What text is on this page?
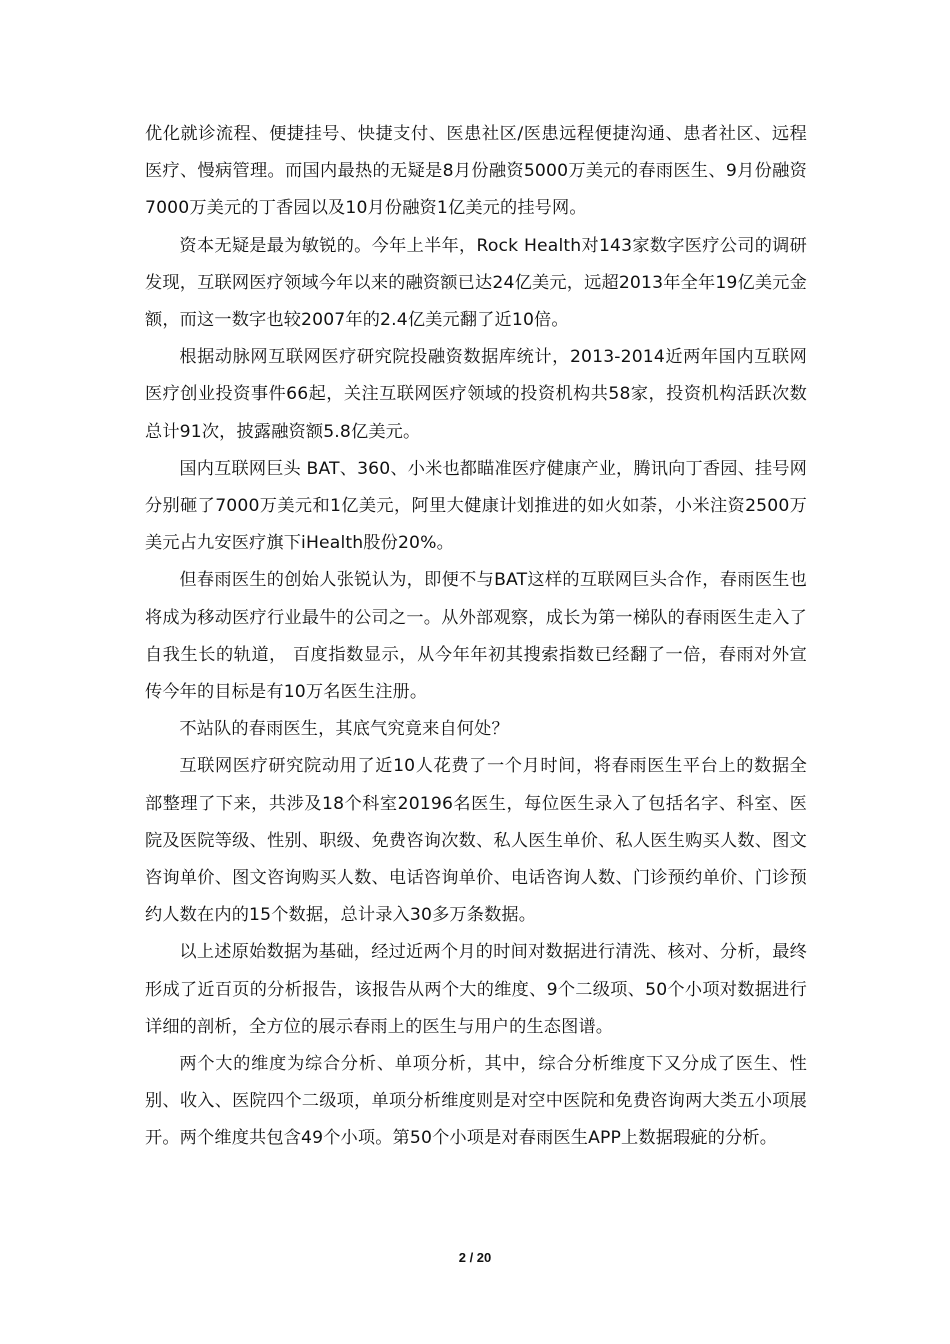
优化就诊流程、便捷挂号、快捷支付、医患社区/医患远程便捷沟通、患者社区、远程医疗、慢病管理。而国内最热的无疑是8月份融资5000万美元的春雨医生、9月份融资7000万美元的丁香园以及10月份融资1亿美元的挂号网。

资本无疑是最为敏锐的。今年上半年，Rock Health对143家数字医疗公司的调研发现，互联网医疗领域今年以来的融资额已达24亿美元，远超2013年全年19亿美元金额，而这一数字也较2007年的2.4亿美元翻了近10倍。

根据动脉网互联网医疗研究院投融资数据库统计，2013-2014近两年国内互联网医疗创业投资事件66起，关注互联网医疗领域的投资机构共58家，投资机构活跃次数总计91次，披露融资额5.8亿美元。

国内互联网巨头 BAT、360、小米也都瞄准医疗健康产业，腾讯向丁香园、挂号网分别砸了7000万美元和1亿美元，阿里大健康计划推进的如火如荼，小米注资2500万美元占九安医疗旗下iHealth股份20%。

但春雨医生的创始人张锐认为，即便不与BAT这样的互联网巨头合作，春雨医生也将成为移动医疗行业最牛的公司之一。从外部观察，成长为第一梯队的春雨医生走入了自我生长的轨道， 百度指数显示，从今年年初其搜索指数已经翻了一倍，春雨对外宣传今年的目标是有10万名医生注册。

不站队的春雨医生，其底气究竟来自何处？

互联网医疗研究院动用了近10人花费了一个月时间，将春雨医生平台上的数据全部整理了下来，共涉及18个科室20196名医生，每位医生录入了包括名字、科室、医院及医院等级、性别、职级、免费咨询次数、私人医生单价、私人医生购买人数、图文咨询单价、图文咨询购买人数、电话咨询单价、电话咨询人数、门诊预约单价、门诊预约人数在内的15个数据，总计录入30多万条数据。

以上述原始数据为基础，经过近两个月的时间对数据进行清洗、核对、分析，最终形成了近百页的分析报告，该报告从两个大的维度、9个二级项、50个小项对数据进行详细的剖析，全方位的展示春雨上的医生与用户的生态图谱。

两个大的维度为综合分析、单项分析，其中，综合分析维度下又分成了医生、性别、收入、医院四个二级项，单项分析维度则是对空中医院和免费咨询两大类五小项展开。两个维度共包含49个小项。第50个小项是对春雨医生APP上数据瑕疵的分析。

2 / 20
